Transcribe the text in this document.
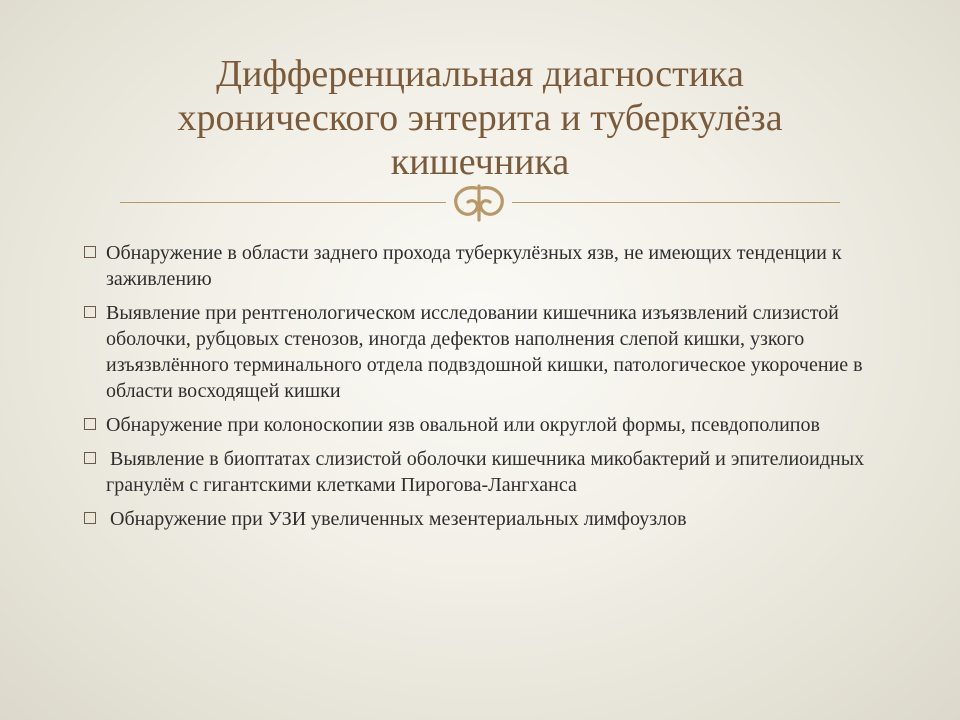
Дифференциальная диагностика
хронического энтерита и туберкулёза
кишечника
Обнаружение в области заднего прохода туберкулёзных язв, не имеющих тенденции к заживлению
Выявление при рентгенологическом исследовании кишечника изъязвлений слизистой оболочки, рубцовых стенозов, иногда дефектов наполнения слепой кишки, узкого изъязвлённого терминального отдела подвздошной кишки, патологическое укорочение в области восходящей кишки
Обнаружение при колоноскопии язв овальной или округлой формы, псевдополипов
Выявление в биоптатах слизистой оболочки кишечника микобактерий и эпителиоидных гранулём с гигантскими клетками Пирогова-Лангханса
Обнаружение при УЗИ увеличенных мезентериальных лимфоузлов
